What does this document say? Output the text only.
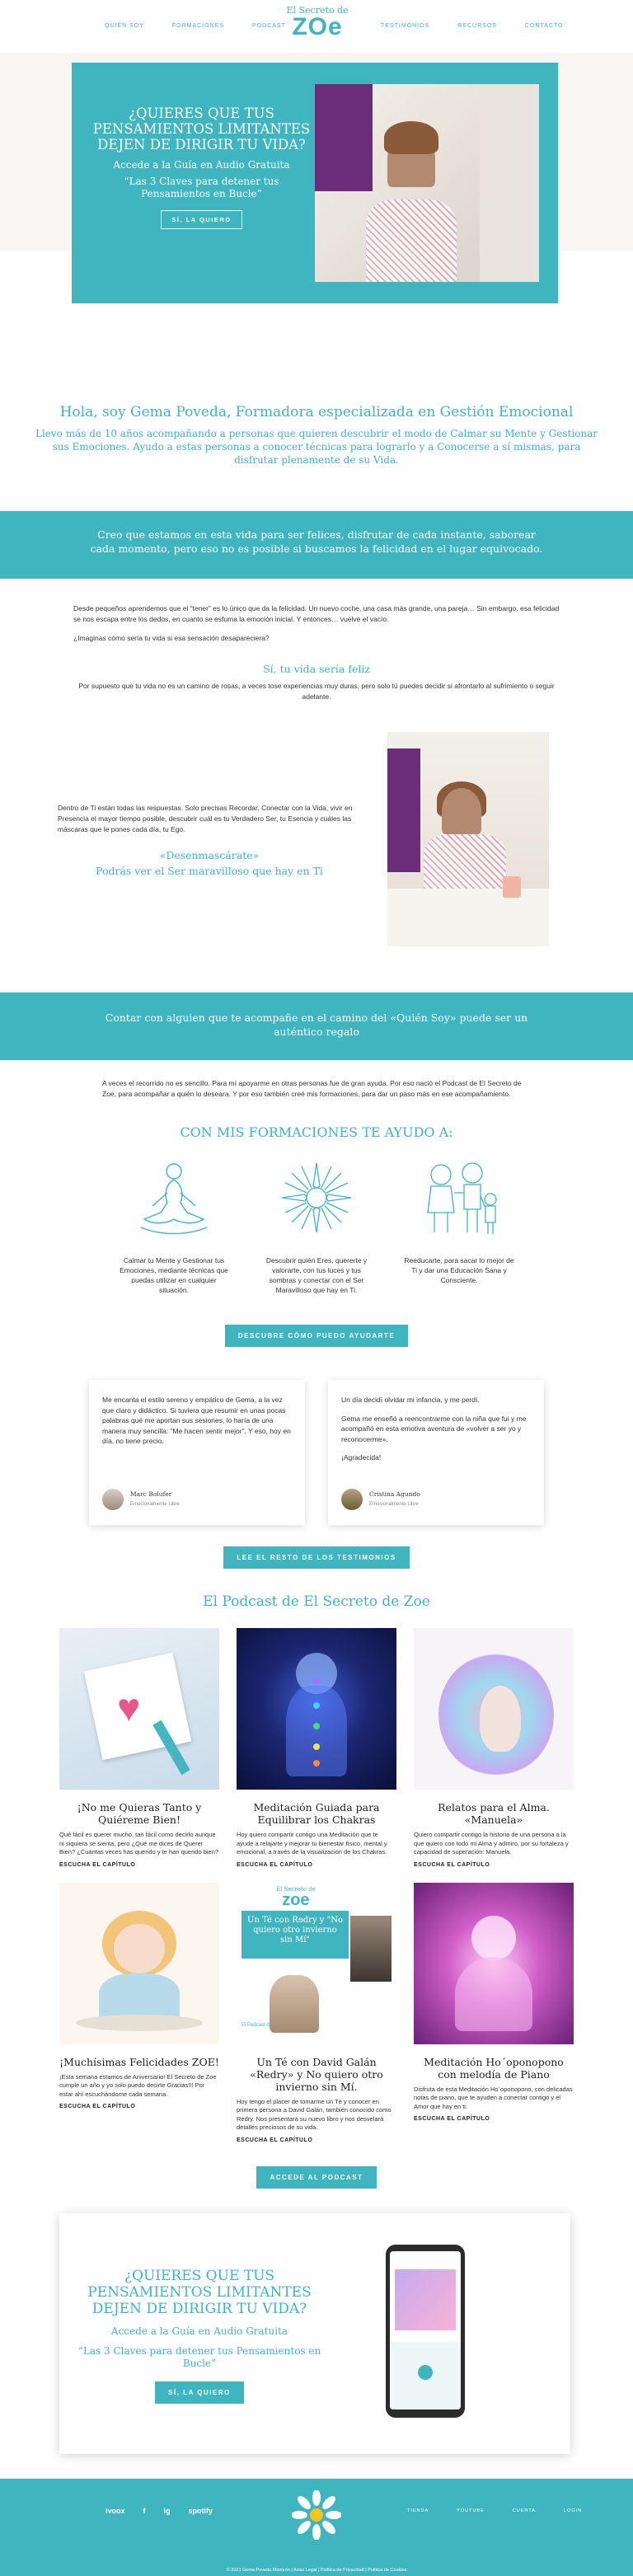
QUIÉN SOY	FORMACIONES	PODCAST
El Secreto de
ZOe	TESTIMONIOS	RECURSOS	CONTACTO
¿QUIERES QUE TUS PENSAMIENTOS LIMITANTES DEJEN DE DIRIGIR TU VIDA?
Accede a la Guía en Audio Gratuita
“Las 3 Claves para detener tus Pensamientos en Bucle”
SÍ, LA QUIERO
Hola, soy Gema Poveda, Formadora especializada en Gestión Emocional

Llevo más de 10 años acompañando a personas que quieren descubrir el modo de Calmar su Mente y Gestionar sus Emociones. Ayudo a estas personas a conocer técnicas para lograrlo y a Conocerse a sí mismas, para disfrutar plenamente de su Vida.

Creo que estamos en esta vida para ser felices, disfrutar de cada instante, saborear cada momento, pero eso no es posible si buscamos la felicidad en el lugar equivocado.

Desde pequeños aprendemos que el “tener” es lo único que da la felicidad. Un nuevo coche, una casa más grande, una pareja… Sin embargo, esa felicidad se nos escapa entre los dedos, en cuanto se esfuma la emoción inicial. Y entonces… vuelve el vacío.

¿Imaginas cómo sería tu vida si esa sensación desapareciera?

Sí, tu vida sería feliz

Por supuesto que tu vida no es un camino de rosas, a veces tose experiencias muy duras, pero solo tú puedes decidir si afrontarlo al sufrimiento o seguir adelante.

Dentro de Ti están todas las respuestas. Solo precisas Recordar, Conectar con la Vida, vivir en Presencia el mayor tiempo posible, descubrir cuál es tu Verdadero Ser, tu Esencia y cuáles las máscaras que le pones cada día, tu Ego.

«Desenmascárate»

Podrás ver el Ser maravilloso que hay en Ti

Contar con alguien que te acompañe en el camino del «Quién Soy» puede ser un auténtico regalo

A veces el recorrido no es sencillo. Para mí apoyarme en otras personas fue de gran ayuda. Por eso nació el Podcast de El Secreto de Zoe, para acompañar a quién lo deseara. Y por eso también creé mis formaciones, para dar un paso más en ese acompañamiento.

CON MIS FORMACIONES TE AYUDO A:
Calmar tu Mente y Gestionar tus Emociones, mediante técnicas que puedas utilizar en cualquier situación.
Descubrir quién Eres, quererte y valorarte, con tus luces y tus sombras y conectar con el Ser Maravilloso que hay en Ti.
Reeducarte, para sacar lo mejor de Ti y dar una Educación Sana y Consciente.
DESCUBRE CÓMO PUEDO AYUDARTE

Me encanta el estilo sereno y empático de Gema, a la vez que claro y didáctico. Si tuviera que resumir en unas pocas palabras qué me aportan sus sesiones, lo haría de una manera muy sencilla: “Me hacen sentir mejor”. Y eso, hoy en día, no tiene precio.

Marc Bolufer
Emocionalmente Libre

Un día decidí olvidar mi infancia, y me perdí.

Gema me enseñó a reencontrarme con la niña que fui y me acompañó en esta emotiva aventura de «volver a ser yo y reconocerme».

¡Agradecida!

Cristina Agundo
Emocionalmente Libre
LEE EL RESTO DE LOS TESTIMONIOS
El Podcast de El Secreto de Zoe
♥
¡No me Quieras Tanto y Quiéreme Bien!

Qué fácil es querer mucho, tan fácil como decirlo aunque ni siquiera se sienta, pero ¿Qué me dices de Querer Bien? ¿Cuántas veces has querido y te han querido bien?

ESCUCHA EL CAPÍTULO
Meditación Guiada para Equilibrar los Chakras

Hoy quiero compartir contigo una Meditación que te ayude a relajarte y mejorar tu bienestar físico, mental y emocional, a través de la visualización de los Chakras.

ESCUCHA EL CAPÍTULO
Relatos para el Alma. «Manuela»

Quiero compartir contigo la historia de una persona a la que quiero con todo mi Alma y admiro, por su fortaleza y capacidad de superación: Manuela.

ESCUCHA EL CAPÍTULO
¡Muchísimas Felicidades ZOE!

¡Esta semana estamos de Aniversario! El Secreto de Zoe cumple un año y yo solo puedo decirte Gracias!!! Por estar ahí escuchándome cada semana.

ESCUCHA EL CAPÍTULO
El Secreto de
zoe
Un Té con Rɘdry y "No quiero otro invierno sin Mí"
El Podcast de
Un Té con David Galán «Redry» y No quiero otro invierno sin Mí.

Hoy tengo el placer de tomarme un Té y conocer en primera persona a David Galán, también conocido como Redry. Nos presentará su nuevo libro y nos desvelará detalles preciosos de su vida.

ESCUCHA EL CAPÍTULO
Meditación Ho´oponopono con melodía de Piano

Disfruta de esta Meditación Ho´oponopono, con delicadas notas de piano, que te ayuden a conectar contigo y el Amor que hay en ti.

ESCUCHA EL CAPÍTULO
ACCEDE AL PODCAST
¿QUIERES QUE TUS PENSAMIENTOS LIMITANTES DEJEN DE DIRIGIR TU VIDA?
Accede a la Guía en Audio Gratuita
“Las 3 Claves para detener tus Pensamientos en Bucle”
SÍ, LA QUIERO
ivoox f ig spotify	TIENDA	YOUTUBE	CUENTA	LOGIN
© 2021 Gema Poveda Monleón | Aviso Legal | Política de Privacidad | Política de Cookies
